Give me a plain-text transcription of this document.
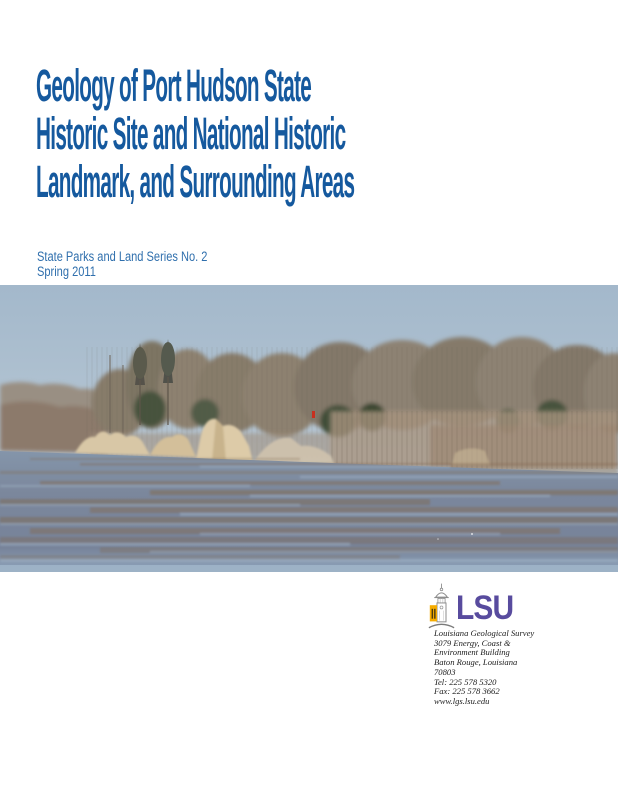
Geology of Port Hudson State
Historic Site and National Historic
Landmark, and Surrounding Areas
State Parks and Land Series No. 2
Spring 2011
LSU
Louisiana Geological Survey
3079 Energy, Coast &
Environment Building
Baton Rouge, Louisiana
70803
Tel: 225 578 5320
Fax: 225 578 3662
www.lgs.lsu.edu
